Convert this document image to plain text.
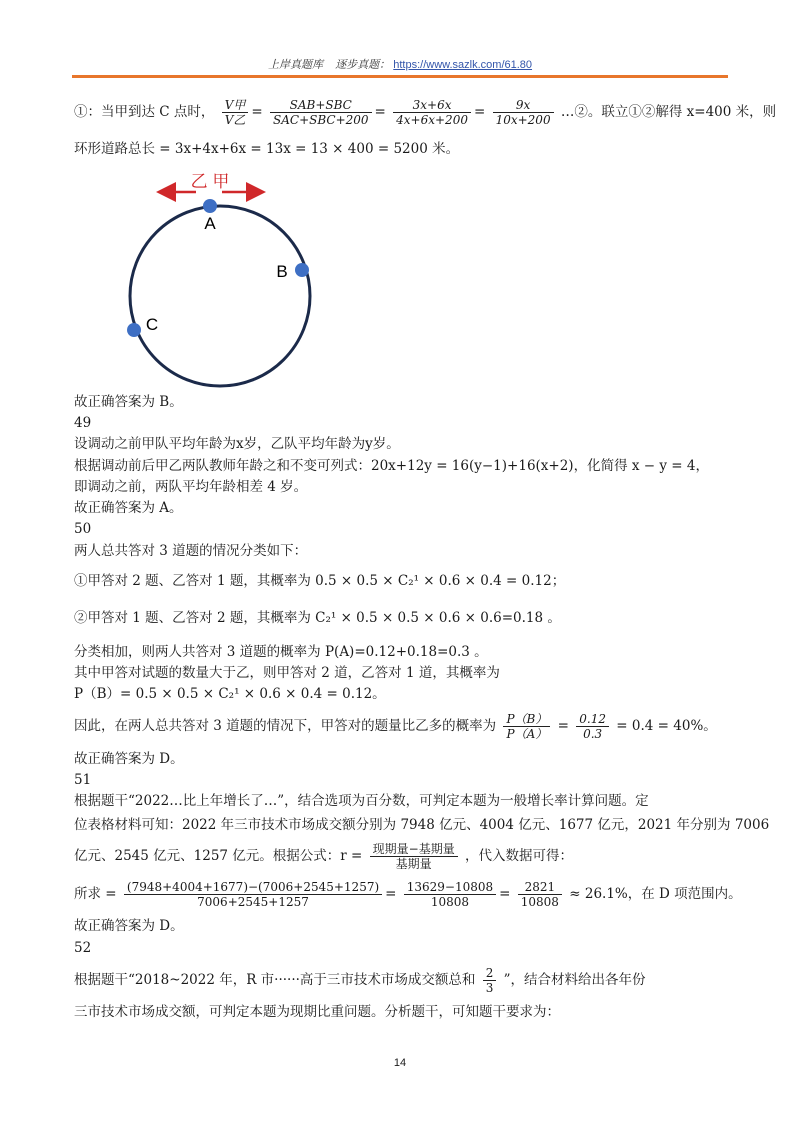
上岸真题库 逐步真题： https://www.sazlk.com/61.80
①：当甲到达 C 点时， $\frac{\text{V甲}}{\text{V乙}} = \frac{\text{SAB+SBC}}{\text{SAC+SBC+200}} = \frac{3x+6x}{4x+6x+200} = \frac{9x}{10x+200}$ …②。联立①②解得 x=400 米，则
环形道路总长 = 3x+4x+6x = 13x = 13 × 400 = 5200 米。
乙 甲
A
B
C
故正确答案为 B。
49
设调动之前甲队平均年龄为x岁，乙队平均年龄为y岁。
根据调动前后甲乙两队教师年龄之和不变可列式：20x+12y = 16(y−1)+16(x+2)，化简得 x − y = 4，
即调动之前，两队平均年龄相差 4 岁。
故正确答案为 A。
50
两人总共答对 3 道题的情况分类如下：
①甲答对 2 题、乙答对 1 题，其概率为 0.5 × 0.5 × C₂¹ × 0.6 × 0.4 = 0.12；
②甲答对 1 题、乙答对 2 题，其概率为 C₂¹ × 0.5 × 0.5 × 0.6 × 0.6=0.18 。
分类相加，则两人共答对 3 道题的概率为 P(A)=0.12+0.18=0.3 。
其中甲答对试题的数量大于乙，则甲答对 2 道，乙答对 1 道，其概率为
P（B）= 0.5 × 0.5 × C₂¹ × 0.6 × 0.4 = 0.12。
因此，在两人总共答对 3 道题的情况下，甲答对的题量比乙多的概率为 $\frac{P(B)}{P(A)} = \frac{0.12}{0.3} = 0.4 = 40\%$。
故正确答案为 D。
51
根据题干“2022…比上年增长了…”，结合选项为百分数，可判定本题为一般增长率计算问题。定
位表格材料可知：2022 年三市技术市场成交额分别为 7948 亿元、4004 亿元、1677 亿元，2021 年分别为 7006
亿元、2545 亿元、1257 亿元。根据公式：$r = \frac{\text{现期量−基期量}}{\text{基期量}}$ ，代入数据可得：
所求 = $\frac{(7948+4004+1677)-(7006+2545+1257)}{7006+2545+1257} = \frac{13629-10808}{10808} = \frac{2821}{10808} \approx 26.1\%$，在 D 项范围内。
故正确答案为 D。
52
根据题干“2018~2022 年，R 市······高于三市技术市场成交额总和 $\frac{2}{3}$ ”，结合材料给出各年份
三市技术市场成交额，可判定本题为现期比重问题。分析题干，可知题干要求为：
14
